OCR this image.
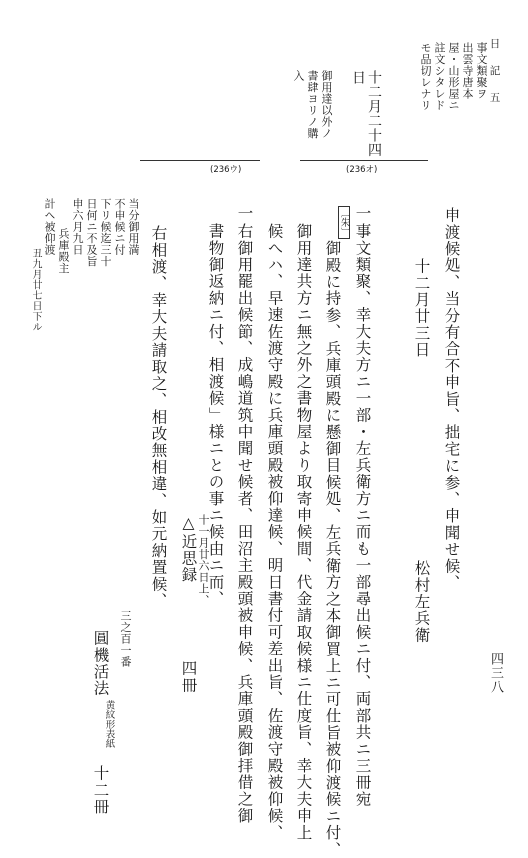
日　記　五
四三八
事文類聚ヲ
出雲寺唐本
屋・山形屋ニ
註文シタレド
モ品切レナリ
十二月二十四
日
御用達以外ノ
書肆ヨリノ購
入
(236オ)
(236ウ)
申渡候処、当分有合不申旨、拙宅に参、申聞せ候、
十二月廿三日
松村左兵衛
一
事文類聚、幸大夫方ニ一部・左兵衛方ニ而も一部尋出候ニ付、両部共ニ三冊宛
〔朱〕
御殿に持参、兵庫頭殿に懸御目候処、左兵衛方之本御買上ニ可仕旨被仰渡候ニ付、
御用達共方ニ無之外之書物屋より取寄申候間、代金請取候様ニ仕度旨、幸大夫申上
候へハ、早速佐渡守殿に兵庫頭殿被仰達候、明日書付可差出旨、佐渡守殿被仰候、
一
右御用罷出候節、成嶋道筑中聞せ候者、田沼主殿頭被申候、兵庫頭殿御拝借之御
書物御返納ニ付、相渡候」様ニとの事ニ候由ニ而、
十一月廿六日上、
△近思録
四冊
右相渡、幸大夫請取之、相改無相違、如元納置候、
当分御用満
不申候ニ付
下リ候迄三十
日何ニ不及旨
申六月九日
兵庫殿主
計ヘ被仰渡
丑九月廿七日下ル
三之百一番
圓機活法
黄紋形表紙
十二冊
